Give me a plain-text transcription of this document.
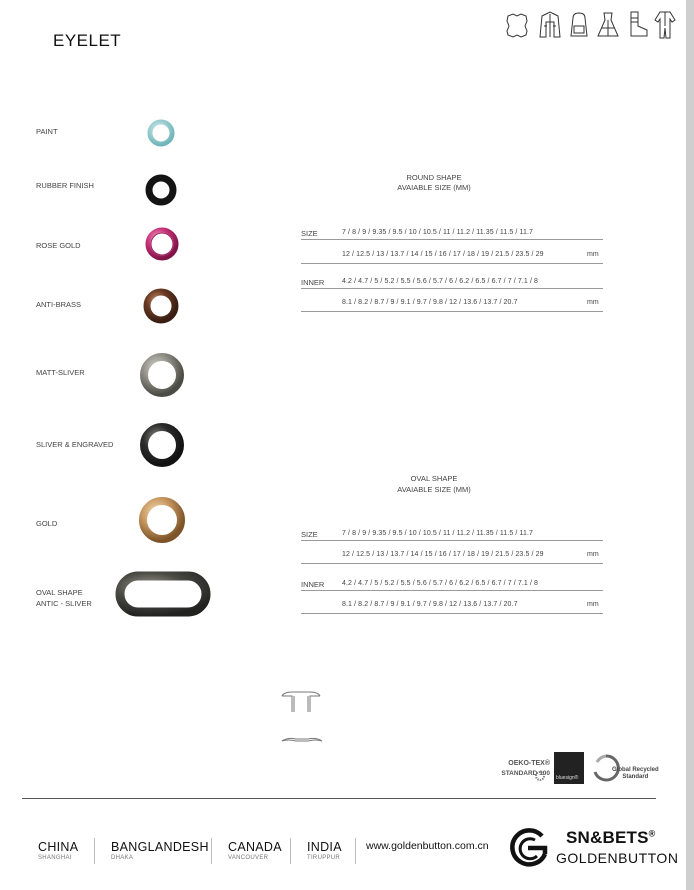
EYELET
PAINT
RUBBER FINISH
ROSE GOLD
ANTI-BRASS
MATT-SLIVER
SLIVER & ENGRAVED
GOLD
OVAL SHAPE
ANTIC - SLIVER
ROUND SHAPE
AVAIABLE SIZE (MM)
SIZE	7 / 8 / 9 / 9.35 / 9.5 / 10 / 10.5 / 11 / 11.2 / 11.35 / 11.5 / 11.7
12 / 12.5 / 13 / 13.7 / 14 / 15 / 16 / 17 / 18 / 19 / 21.5 / 23.5 / 29	mm
INNER	4.2 / 4.7 / 5 / 5.2 / 5.5 / 5.6 / 5.7 / 6 / 6.2 / 6.5 / 6.7 / 7 / 7.1 / 8
8.1 / 8.2 / 8.7 / 9 / 9.1 / 9.7 / 9.8 / 12 / 13.6 / 13.7 / 20.7	mm
OVAL SHAPE
AVAIABLE SIZE (MM)
SIZE	7 / 8 / 9 / 9.35 / 9.5 / 10 / 10.5 / 11 / 11.2 / 11.35 / 11.5 / 11.7
12 / 12.5 / 13 / 13.7 / 14 / 15 / 16 / 17 / 18 / 19 / 21.5 / 23.5 / 29	mm
INNER	4.2 / 4.7 / 5 / 5.2 / 5.5 / 5.6 / 5.7 / 6 / 6.2 / 6.5 / 6.7 / 7 / 7.1 / 8
8.1 / 8.2 / 8.7 / 9 / 9.1 / 9.7 / 9.8 / 12 / 13.6 / 13.7 / 20.7	mm
OEKO-TEX®
STANDARD 100
bluesign®
Global Recycled
Standard
CHINA
SHANGHAI
BANGLANDESH
DHAKA
CANADA
VANCOUVER
INDIA
TIRUPPUR
www.goldenbutton.com.cn	SN&BETS®
GOLDENBUTTON
